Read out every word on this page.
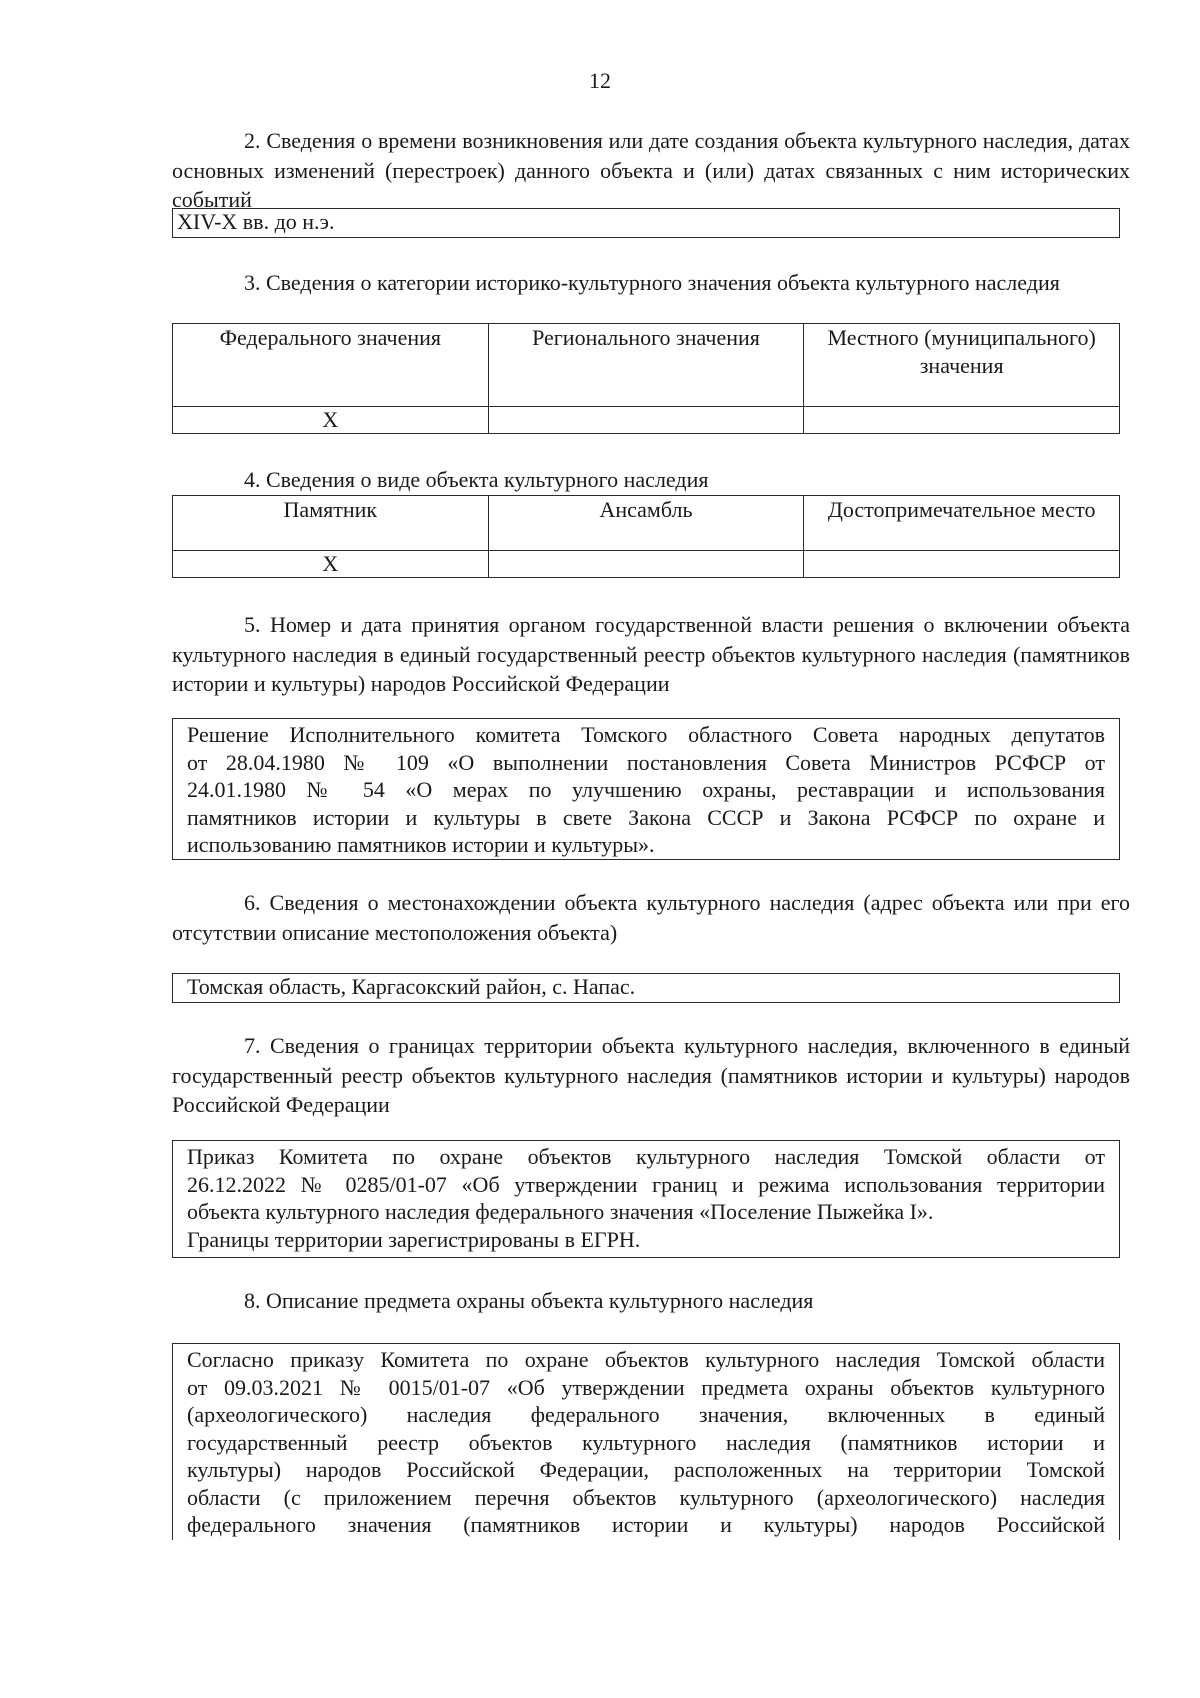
12

2. Сведения о времени возникновения или дате создания объекта культурного наследия, датах основных изменений (перестроек) данного объекта и (или) датах связанных с ним исторических событий

XIV-X вв. до н.э.

3. Сведения о категории историко-культурного значения объекта культурного наследия

Федерального значения	Регионального значения	Местного (муниципального) значения
X		

4. Сведения о виде объекта культурного наследия

Памятник	Ансамбль	Достопримечательное место
X		

5. Номер и дата принятия органом государственной власти решения о включении объекта культурного наследия в единый государственный реестр объектов культурного наследия (памятников истории и культуры) народов Российской Федерации

Решение Исполнительного комитета Томского областного Совета народных депутатов
от 28.04.1980 № 109 «О выполнении постановления Совета Министров РСФСР от
24.01.1980 № 54 «О мерах по улучшению охраны, реставрации и использования
памятников истории и культуры в свете Закона СССР и Закона РСФСР по охране и
использованию памятников истории и культуры».

6. Сведения о местонахождении объекта культурного наследия (адрес объекта или при его отсутствии описание местоположения объекта)

Томская область, Каргасокский район, с. Напас.

7. Сведения о границах территории объекта культурного наследия, включенного в единый государственный реестр объектов культурного наследия (памятников истории и культуры) народов Российской Федерации

Приказ Комитета по охране объектов культурного наследия Томской области от
26.12.2022 № 0285/01-07 «Об утверждении границ и режима использования территории
объекта культурного наследия федерального значения «Поселение Пыжейка I».
Границы территории зарегистрированы в ЕГРН.

8. Описание предмета охраны объекта культурного наследия

Согласно приказу Комитета по охране объектов культурного наследия Томской области
от 09.03.2021 № 0015/01-07 «Об утверждении предмета охраны объектов культурного
(археологического) наследия федерального значения, включенных в единый
государственный реестр объектов культурного наследия (памятников истории и
культуры) народов Российской Федерации, расположенных на территории Томской
области (с приложением перечня объектов культурного (археологического) наследия
федерального значения (памятников истории и культуры) народов Российской
